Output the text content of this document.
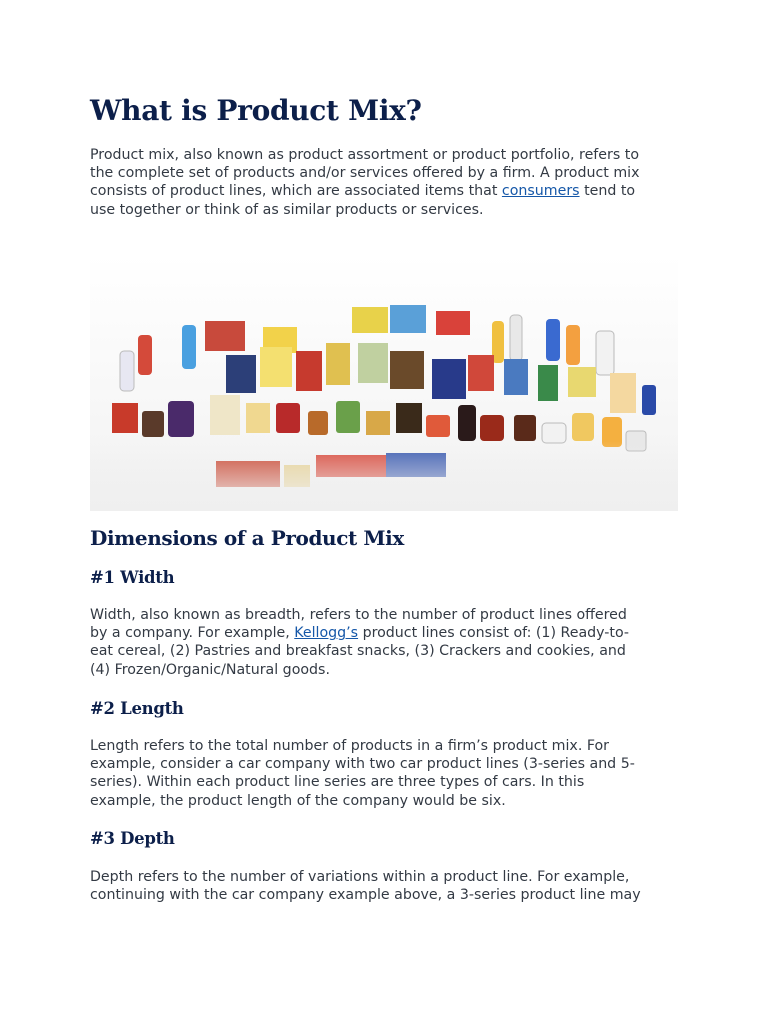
What is Product Mix?

Product mix, also known as product assortment or product portfolio, refers to
the complete set of products and/or services offered by a firm. A product mix
consists of product lines, which are associated items that consumers tend to
use together or think of as similar products or services.

Dimensions of a Product Mix
#1 Width

Width, also known as breadth, refers to the number of product lines offered
by a company. For example, Kellogg’s product lines consist of: (1) Ready-to-
eat cereal, (2) Pastries and breakfast snacks, (3) Crackers and cookies, and
(4) Frozen/Organic/Natural goods.

#2 Length

Length refers to the total number of products in a firm’s product mix. For
example, consider a car company with two car product lines (3-series and 5-
series). Within each product line series are three types of cars. In this
example, the product length of the company would be six.

#3 Depth

Depth refers to the number of variations within a product line. For example,
continuing with the car company example above, a 3-series product line may
